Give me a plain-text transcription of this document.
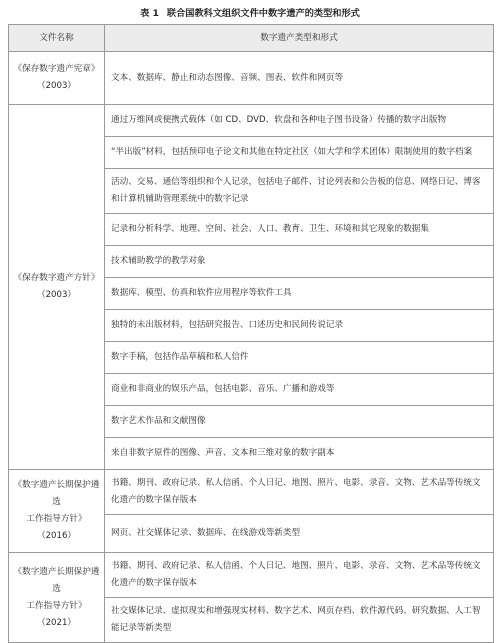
表 1 联合国教科文组织文件中数字遗产的类型和形式
文件名称	数字遗产类型和形式

《保存数字遗产宪章》
（2003）	文本、数据库、静止和动态图像、音频、图表、软件和网页等

《保存数字遗产方针》
（2003）	通过万维网或便携式载体（如 CD、DVD、软盘和各种电子图书设备）传播的数字出版物
	“半出版”材料，包括预印电子论文和其他在特定社区（如大学和学术团体）限制使用的数字档案
	活动、交易、通信等组织和个人记录，包括电子邮件、讨论列表和公告板的信息、网络日记、博客和计算机辅助管理系统中的数字记录
	记录和分析科学、地理、空间、社会、人口、教育、卫生、环境和其它现象的数据集
	技术辅助教学的教学对象
	数据库、模型、仿真和软件应用程序等软件工具
	独特的未出版材料，包括研究报告、口述历史和民间传说记录
	数字手稿，包括作品草稿和私人信件
	商业和非商业的娱乐产品，包括电影、音乐、广播和游戏等
	数字艺术作品和文献图像
	来自非数字原件的图像、声音、文本和三维对象的数字副本

《数字遗产长期保护遴选
工作指导方针》（2016）	书籍、期刊、政府记录、私人信函、个人日记、地图、照片、电影、录音、文物、艺术品等传统文化遗产的数字保存版本
	网页、社交媒体记录、数据库、在线游戏等新类型

《数字遗产长期保护遴选
工作指导方针》（2021）	书籍、期刊、政府记录、私人信函、个人日记、地图、照片、电影、录音、文物、艺术品等传统文化遗产的数字保存版本
	社交媒体记录、虚拟现实和增强现实材料、数字艺术、网页存档、软件源代码、研究数据、人工智能记录等新类型
